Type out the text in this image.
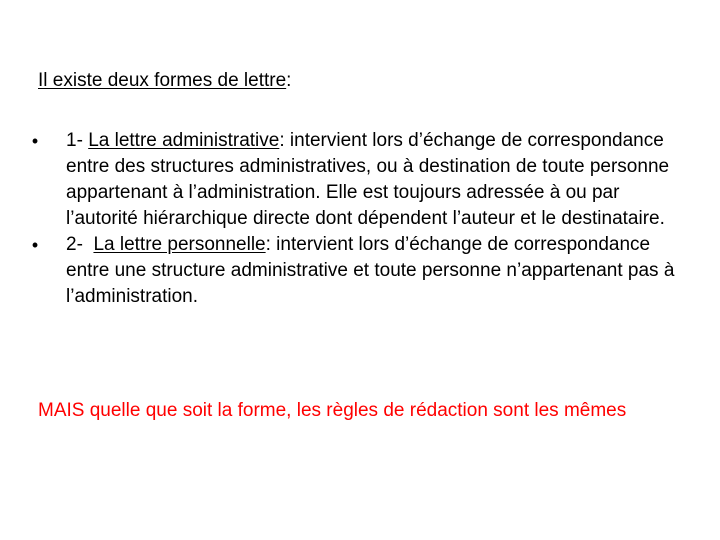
Il existe deux formes de lettre:
• 1- La lettre administrative: intervient lors d’échange de correspondance entre des structures administratives, ou à destination de toute personne appartenant à l’administration. Elle est toujours adressée à ou par l’autorité hiérarchique directe dont dépendent l’auteur et le destinataire.
• 2-  La lettre personnelle: intervient lors d’échange de correspondance entre une structure administrative et toute personne n’appartenant pas à l’administration.
MAIS quelle que soit la forme, les règles de rédaction sont les mêmes
